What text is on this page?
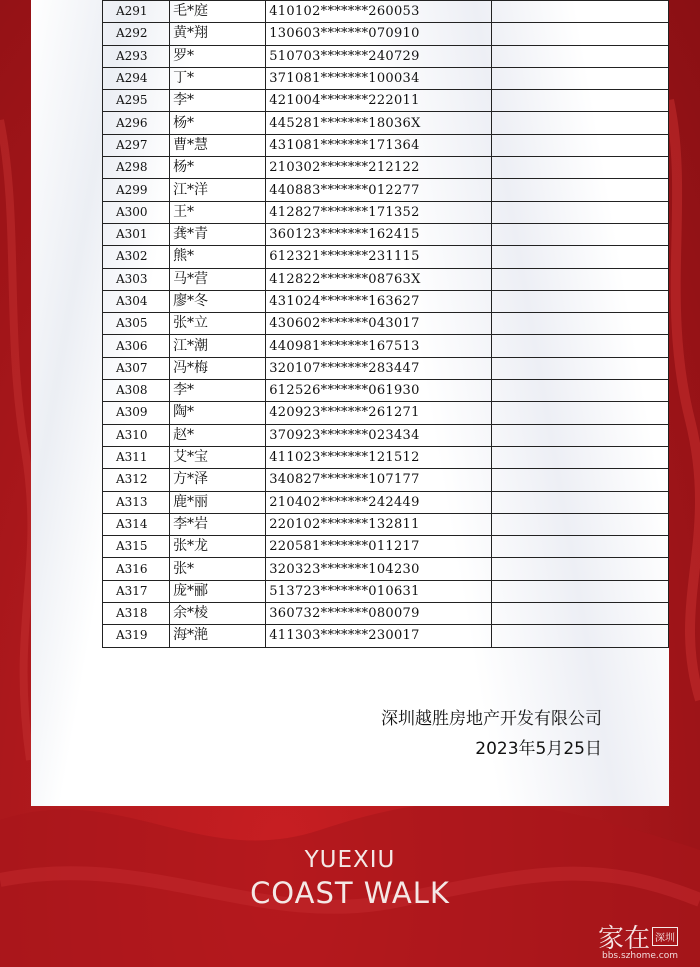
A291	毛*庭	410102*******260053	
A292	黄*翔	130603*******070910	
A293	罗*	510703*******240729	
A294	丁*	371081*******100034	
A295	李*	421004*******222011	
A296	杨*	445281*******18036X	
A297	曹*慧	431081*******171364	
A298	杨*	210302*******212122	
A299	江*洋	440883*******012277	
A300	王*	412827*******171352	
A301	龚*青	360123*******162415	
A302	熊*	612321*******231115	
A303	马*营	412822*******08763X	
A304	廖*冬	431024*******163627	
A305	张*立	430602*******043017	
A306	江*潮	440981*******167513	
A307	冯*梅	320107*******283447	
A308	李*	612526*******061930	
A309	陶*	420923*******261271	
A310	赵*	370923*******023434	
A311	艾*宝	411023*******121512	
A312	方*泽	340827*******107177	
A313	鹿*丽	210402*******242449	
A314	李*岩	220102*******132811	
A315	张*龙	220581*******011217	
A316	张*	320323*******104230	
A317	庞*郦	513723*******010631	
A318	余*棱	360732*******080079	
A319	海*滟	411303*******230017	
深圳越胜房地产开发有限公司
2023年5月25日
YUEXIU
COAST WALK
家在 深圳
bbs.szhome.com
